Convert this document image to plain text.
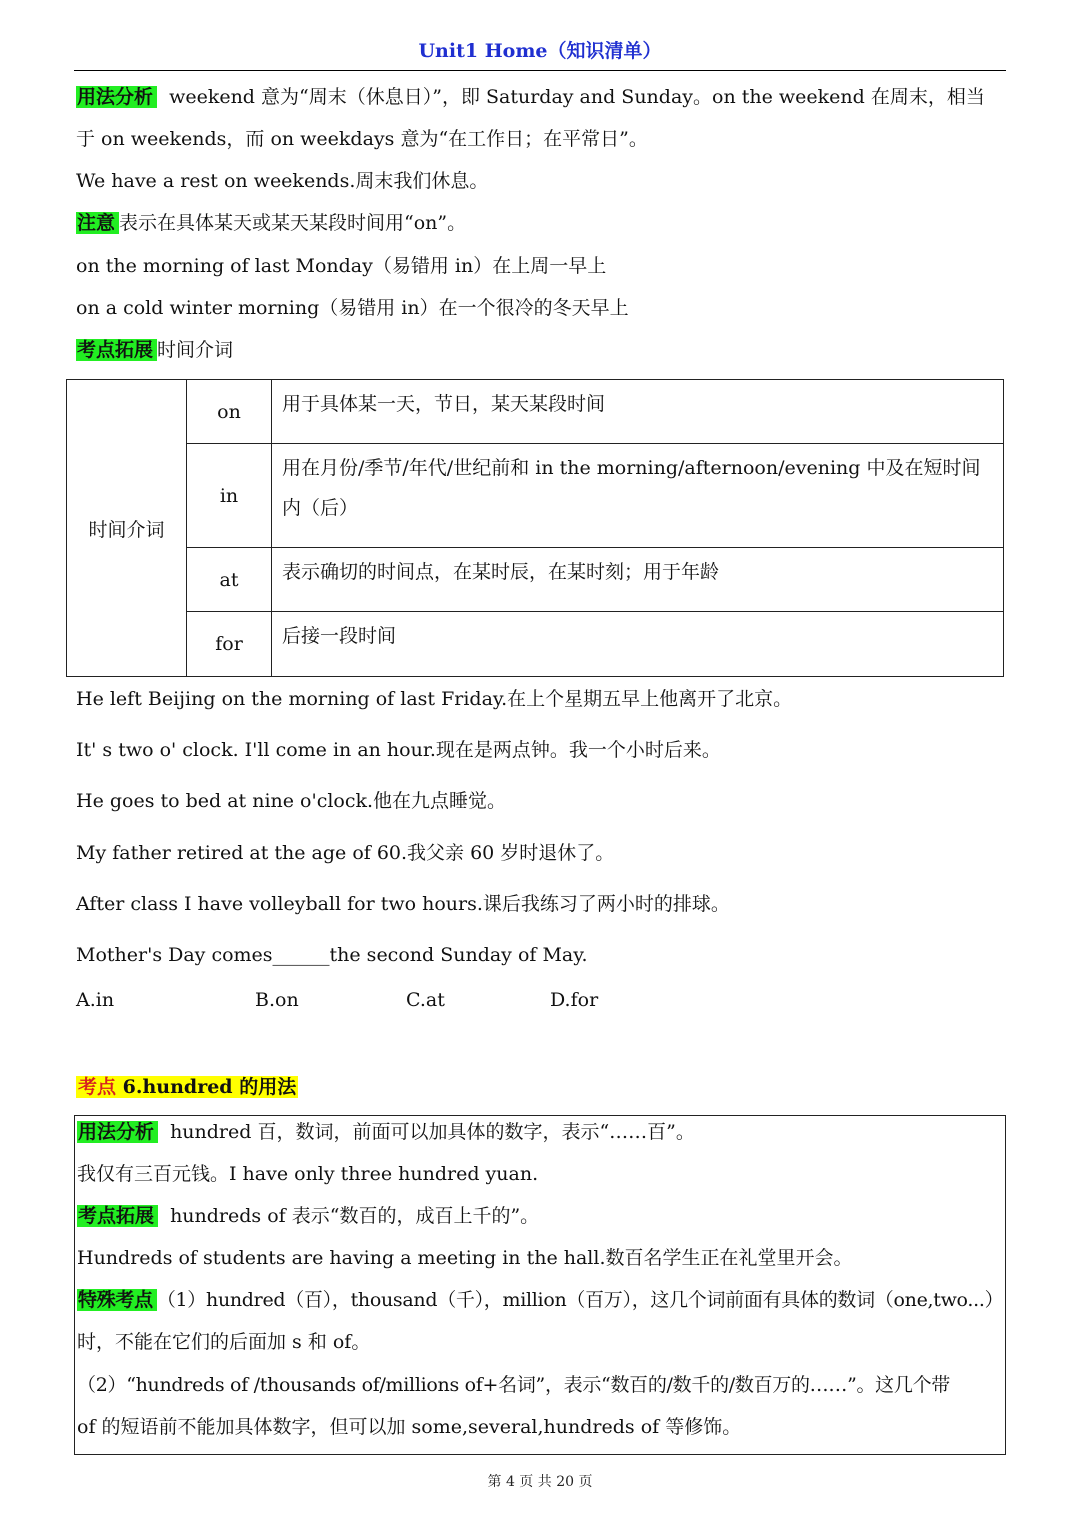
Unit1 Home（知识清单）
用法分析 weekend 意为“周末（休息日）”，即 Saturday and Sunday。on the weekend 在周末，相当
于 on weekends，而 on weekdays 意为“在工作日；在平常日”。
We have a rest on weekends.周末我们休息。
注意 表示在具体某天或某天某段时间用“on”。
on the morning of last Monday（易错用 in）在上周一早上
on a cold winter morning（易错用 in）在一个很冷的冬天早上
考点拓展 时间介词
时间介词	on	用于具体某一天，节日，某天某段时间
	in	用在月份/季节/年代/世纪前和 in the morning/afternoon/evening 中及在短时间内（后）
	at	表示确切的时间点，在某时辰，在某时刻；用于年龄
	for	后接一段时间
He left Beijing on the morning of last Friday.在上个星期五早上他离开了北京。
It' s two o' clock. I'll come in an hour.现在是两点钟。我一个小时后来。
He goes to bed at nine o'clock.他在九点睡觉。
My father retired at the age of 60.我父亲 60 岁时退休了。
After class I have volleyball for two hours.课后我练习了两小时的排球。
Mother's Day comes______the second Sunday of May.
A.in	B.on	C.at	D.for
考点 6.hundred 的用法
用法分析 hundred 百，数词，前面可以加具体的数字，表示“……百”。
我仅有三百元钱。I have only three hundred yuan.
考点拓展 hundreds of 表示“数百的，成百上千的”。
Hundreds of students are having a meeting in the hall.数百名学生正在礼堂里开会。
特殊考点 （1）hundred（百），thousand（千），million（百万），这几个词前面有具体的数词（one,two...）
时，不能在它们的后面加 s 和 of。
（2）“hundreds of /thousands of/millions of+名词”，表示“数百的/数千的/数百万的……”。这几个带
of 的短语前不能加具体数字，但可以加 some,several,hundreds of 等修饰。
第 4 页 共 20 页
